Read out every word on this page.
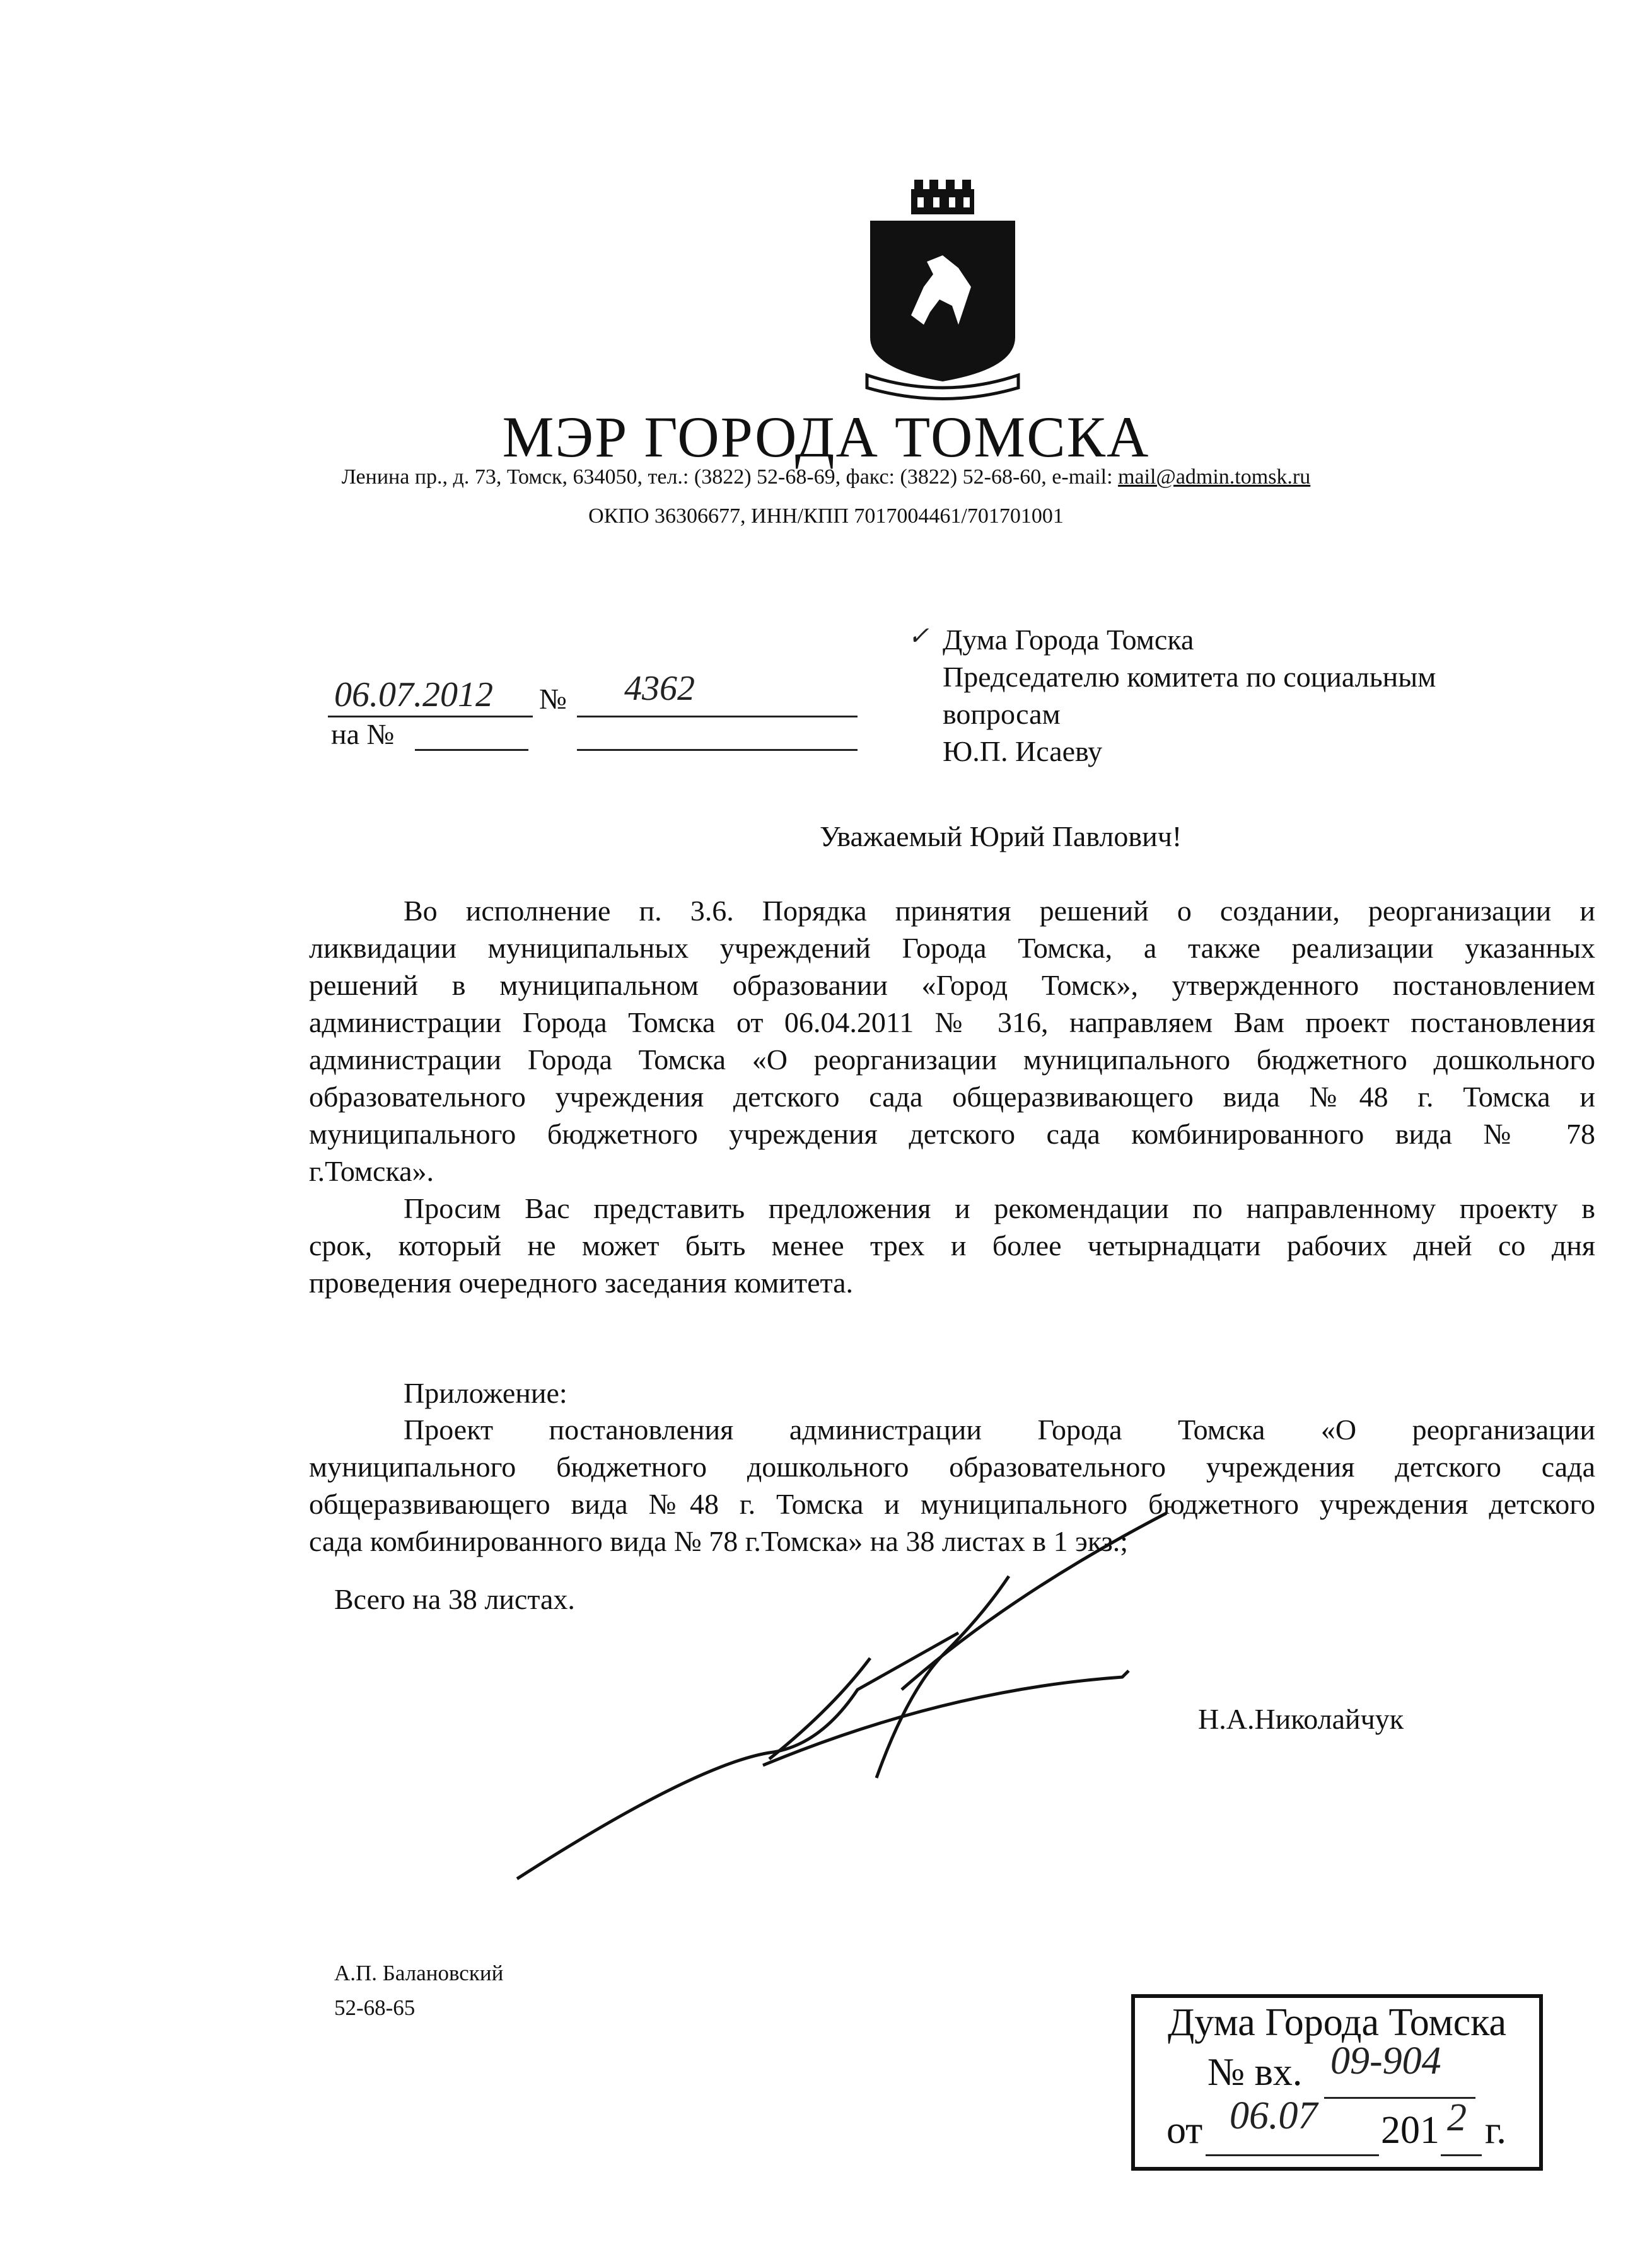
МЭР ГОРОДА ТОМСКА
Ленина пр., д. 73, Томск, 634050, тел.: (3822) 52-68-69, факс: (3822) 52-68-60, e-mail: mail@admin.tomsk.ru
ОКПО 36306677, ИНН/КПП 7017004461/701701001
06.07.2012 № 4362
на №
✓ Дума Города Томска
Председателю комитета по социальным
вопросам
Ю.П. Исаеву
Уважаемый Юрий Павлович!
Во исполнение п. 3.6. Порядка принятия решений о создании, реорганизации и
ликвидации муниципальных учреждений Города Томска, а также реализации указанных
решений в муниципальном образовании «Город Томск», утвержденного постановлением
администрации Города Томска от 06.04.2011 № 316, направляем Вам проект постановления
администрации Города Томска «О реорганизации муниципального бюджетного дошкольного
образовательного учреждения детского сада общеразвивающего вида №48 г. Томска и
муниципального бюджетного учреждения детского сада комбинированного вида № 78
г.Томска».
Просим Вас представить предложения и рекомендации по направленному проекту в
срок, который не может быть менее трех и более четырнадцати рабочих дней со дня
проведения очередного заседания комитета.
Приложение:
Проект постановления администрации Города Томска «О реорганизации
муниципального бюджетного дошкольного образовательного учреждения детского сада
общеразвивающего вида №48 г. Томска и муниципального бюджетного учреждения детского
сада комбинированного вида № 78 г.Томска» на 38 листах в 1 экз.;
Всего на 38 листах.
Н.А.Николайчук
А.П. Балановский
52-68-65	Дума Города Томска
№ вх. 09-904
от 06.07 201 2 г.
